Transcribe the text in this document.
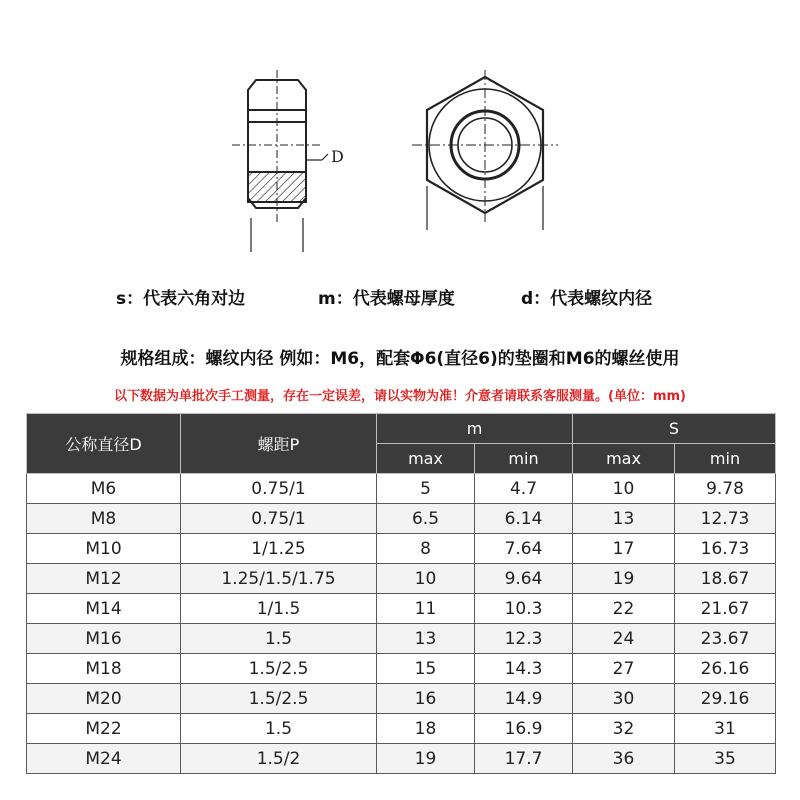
D
s：代表六角对边	m：代表螺母厚度	d：代表螺纹内径
规格组成：螺纹内径 例如：M6，配套Φ6(直径6)的垫圈和M6的螺丝使用
以下数据为单批次手工测量，存在一定误差，请以实物为准！介意者请联系客服测量。(单位：mm)
公称直径D	螺距P	m		S	
		max	min	max	min
M6	0.75/1	5	4.7	10	9.78
M8	0.75/1	6.5	6.14	13	12.73
M10	1/1.25	8	7.64	17	16.73
M12	1.25/1.5/1.75	10	9.64	19	18.67
M14	1/1.5	11	10.3	22	21.67
M16	1.5	13	12.3	24	23.67
M18	1.5/2.5	15	14.3	27	26.16
M20	1.5/2.5	16	14.9	30	29.16
M22	1.5	18	16.9	32	31
M24	1.5/2	19	17.7	36	35
